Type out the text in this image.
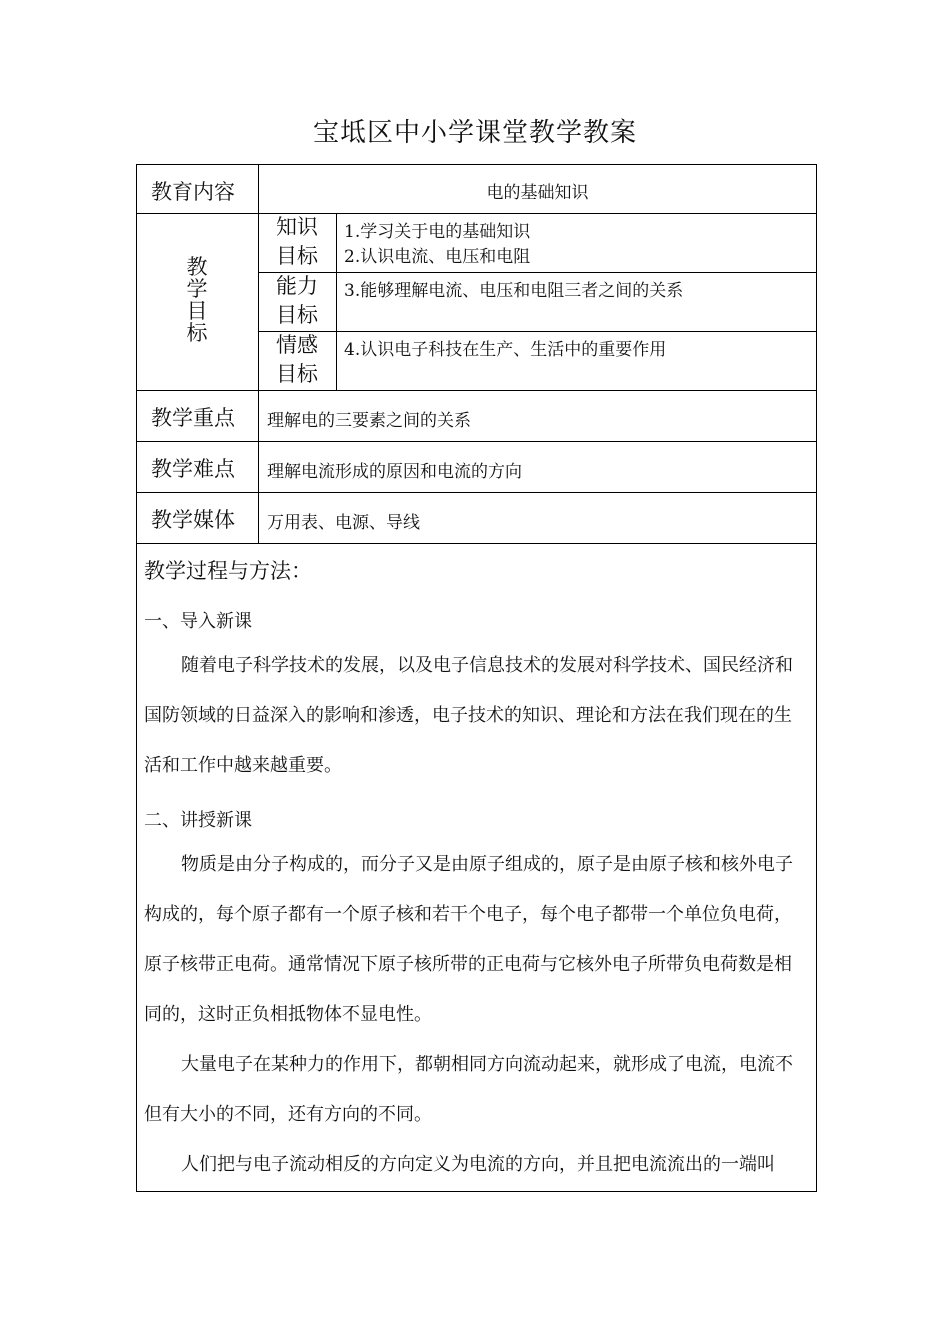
宝坻区中小学课堂教学教案
教育内容	电的基础知识
教
学
目
标
知识
目标
1.学习关于电的基础知识
2.认识电流、电压和电阻
能力
目标
3.能够理解电流、电压和电阻三者之间的关系
情感
目标
4.认识电子科技在生产、生活中的重要作用
教学重点 理解电的三要素之间的关系
教学难点 理解电流形成的原因和电流的方向
教学媒体 万用表、电源、导线
教学过程与方法：
一、导入新课
随着电子科学技术的发展，以及电子信息技术的发展对科学技术、国民经济和国防领域的日益深入的影响和渗透，电子技术的知识、理论和方法在我们现在的生活和工作中越来越重要。
二、讲授新课
物质是由分子构成的，而分子又是由原子组成的，原子是由原子核和核外电子构成的，每个原子都有一个原子核和若干个电子，每个电子都带一个单位负电荷，原子核带正电荷。通常情况下原子核所带的正电荷与它核外电子所带负电荷数是相同的，这时正负相抵物体不显电性。
大量电子在某种力的作用下，都朝相同方向流动起来，就形成了电流，电流不但有大小的不同，还有方向的不同。
人们把与电子流动相反的方向定义为电流的方向，并且把电流流出的一端叫
